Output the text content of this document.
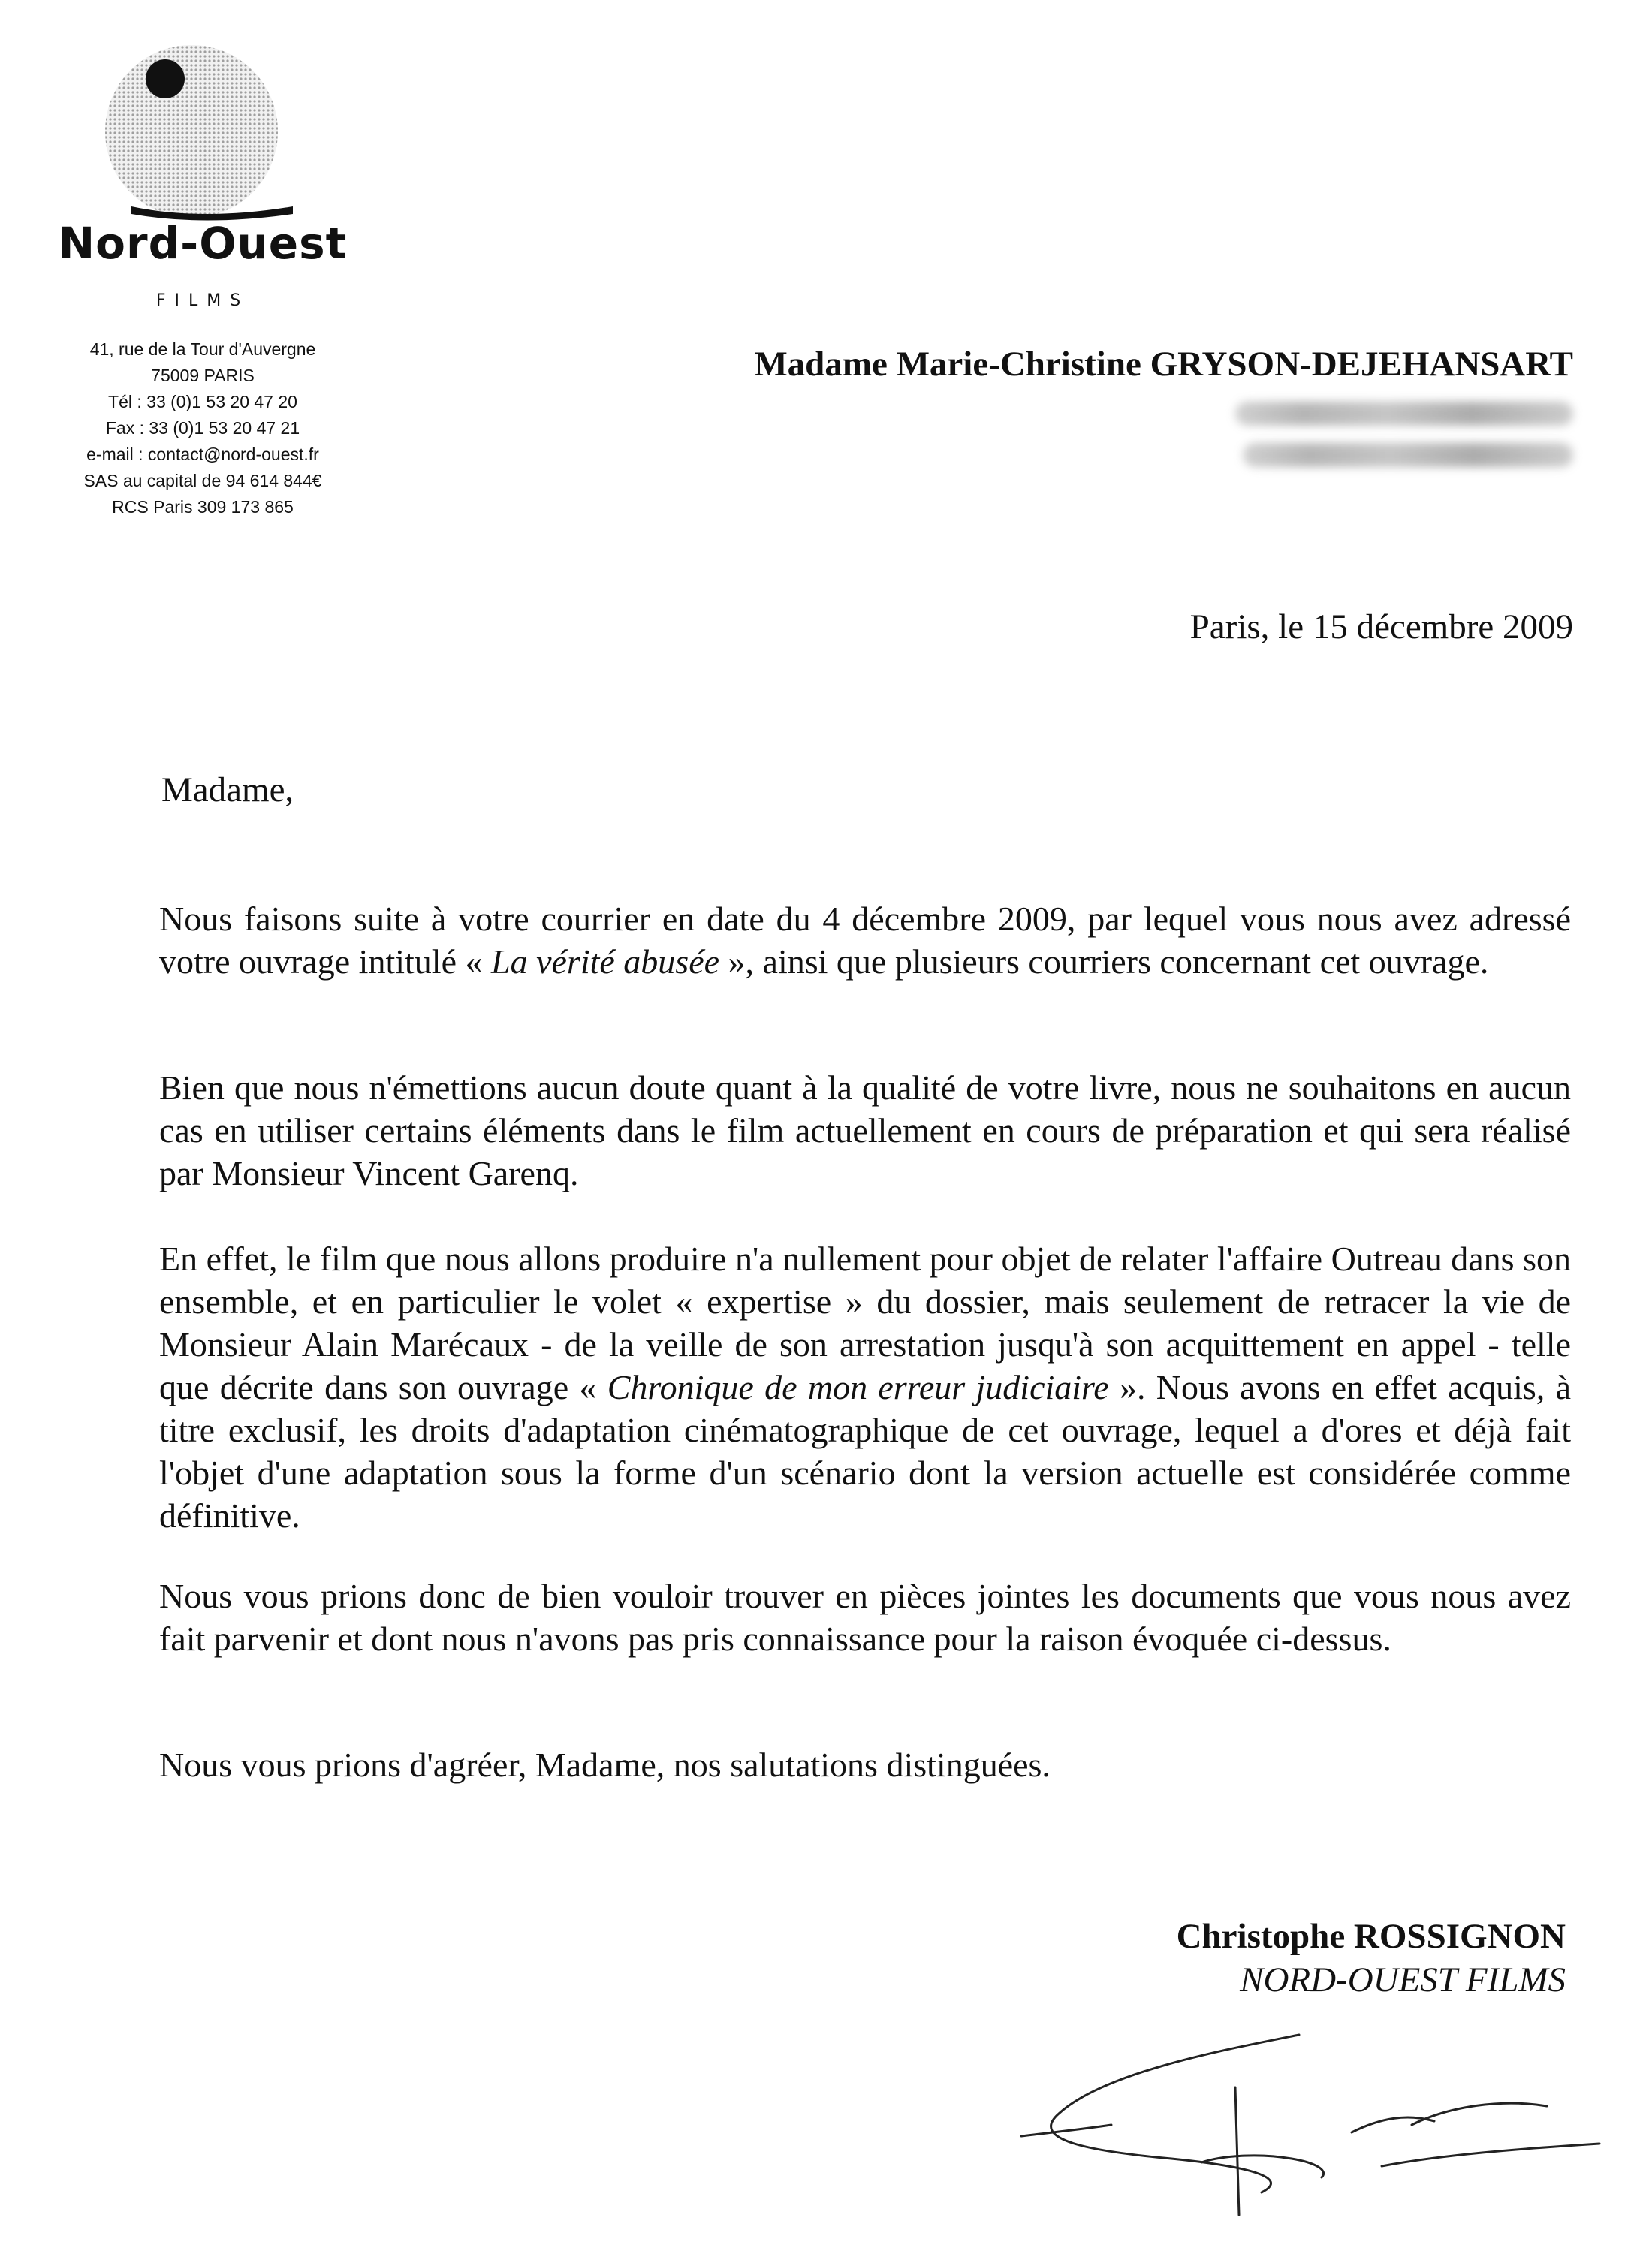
Nord-Ouest
FILMS
41, rue de la Tour d'Auvergne
75009 PARIS
Tél : 33 (0)1 53 20 47 20
Fax : 33 (0)1 53 20 47 21
e-mail : contact@nord-ouest.fr
SAS au capital de 94 614 844€
RCS Paris 309 173 865
Madame Marie-Christine GRYSON-DEJEHANSART
Paris, le 15 décembre 2009
Madame,
Nous faisons suite à votre courrier en date du 4 décembre 2009, par lequel vous nous avez adressé votre ouvrage intitulé « La vérité abusée », ainsi que plusieurs courriers concernant cet ouvrage.
Bien que nous n'émettions aucun doute quant à la qualité de votre livre, nous ne souhaitons en aucun cas en utiliser certains éléments dans le film actuellement en cours de préparation et qui sera réalisé par Monsieur Vincent Garenq.
En effet, le film que nous allons produire n'a nullement pour objet de relater l'affaire Outreau dans son ensemble, et en particulier le volet « expertise » du dossier, mais seulement de retracer la vie de Monsieur Alain Marécaux - de la veille de son arrestation jusqu'à son acquittement en appel - telle que décrite dans son ouvrage « Chronique de mon erreur judiciaire ». Nous avons en effet acquis, à titre exclusif, les droits d'adaptation cinématographique de cet ouvrage, lequel a d'ores et déjà fait l'objet d'une adaptation sous la forme d'un scénario dont la version actuelle est considérée comme définitive.
Nous vous prions donc de bien vouloir trouver en pièces jointes les documents que vous nous avez fait parvenir et dont nous n'avons pas pris connaissance pour la raison évoquée ci-dessus.
Nous vous prions d'agréer, Madame, nos salutations distinguées.
Christophe ROSSIGNON
NORD-OUEST FILMS
